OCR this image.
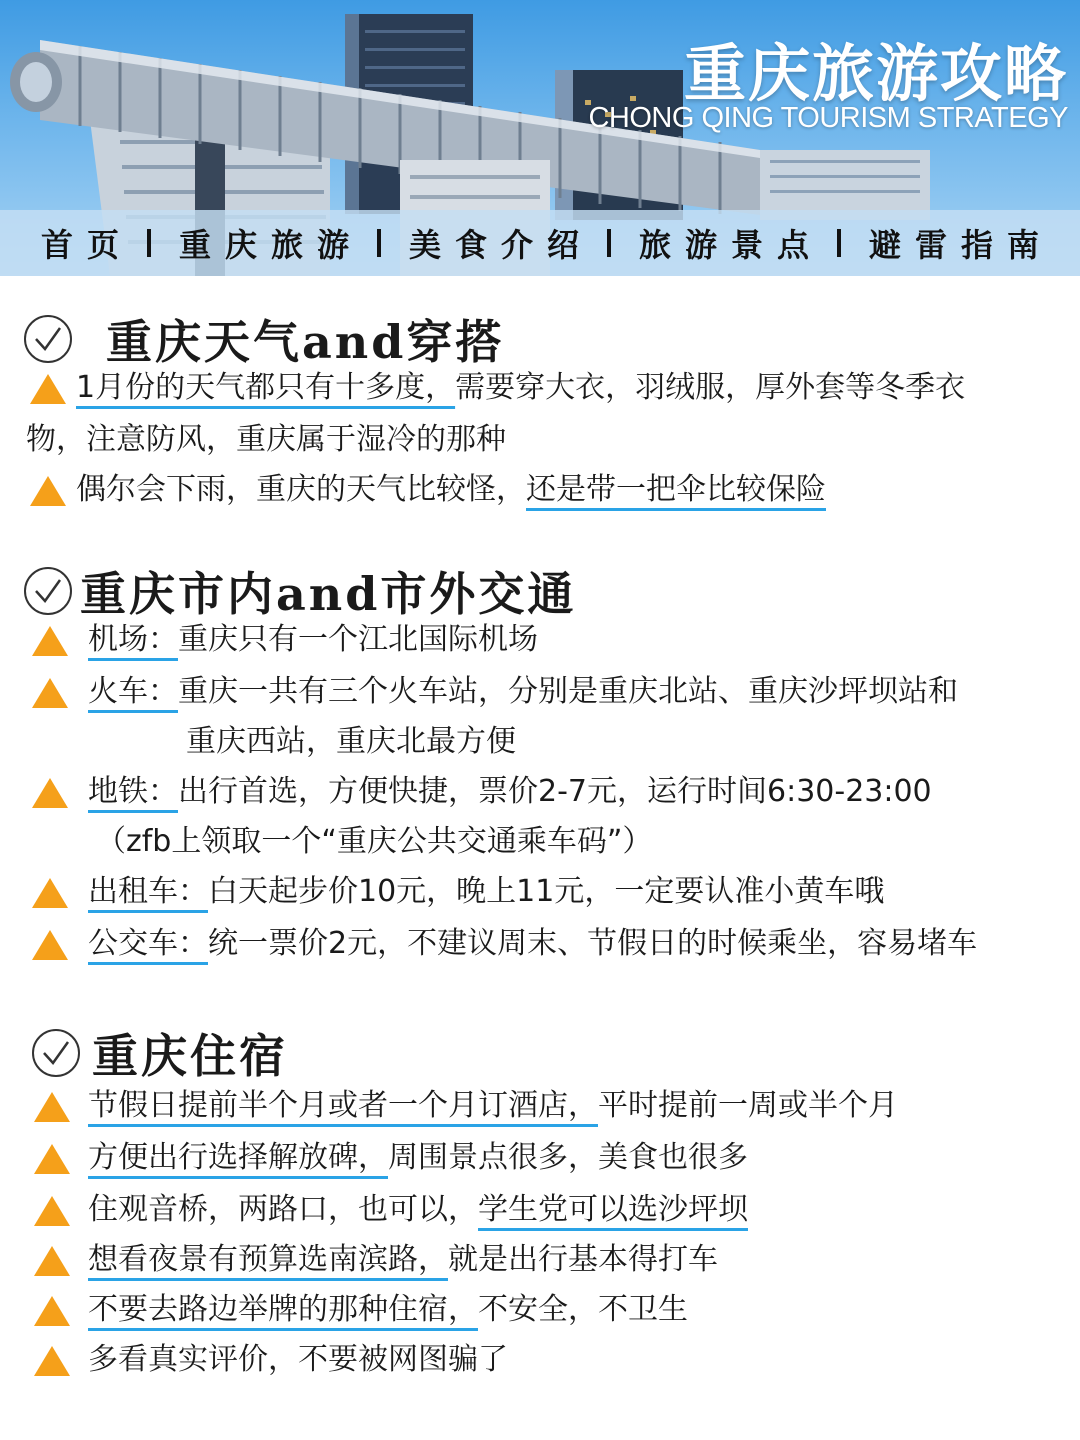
重庆旅游攻略
CHONG QING TOURISM STRATEGY
首页	重庆旅游	美食介绍	旅游景点	避雷指南
重庆天气and穿搭
1月份的天气都只有十多度，需要穿大衣，羽绒服，厚外套等冬季衣
物，注意防风，重庆属于湿冷的那种
偶尔会下雨，重庆的天气比较怪，还是带一把伞比较保险
重庆市内and市外交通
机场：重庆只有一个江北国际机场
火车：重庆一共有三个火车站，分别是重庆北站、重庆沙坪坝站和
重庆西站，重庆北最方便
地铁：出行首选，方便快捷，票价2-7元，运行时间6:30-23:00
（zfb上领取一个“重庆公共交通乘车码”）
出租车：白天起步价10元，晚上11元，一定要认准小黄车哦
公交车：统一票价2元，不建议周末、节假日的时候乘坐，容易堵车
重庆住宿
节假日提前半个月或者一个月订酒店，平时提前一周或半个月
方便出行选择解放碑，周围景点很多，美食也很多
住观音桥，两路口，也可以，学生党可以选沙坪坝
想看夜景有预算选南滨路，就是出行基本得打车
不要去路边举牌的那种住宿，不安全，不卫生
多看真实评价，不要被网图骗了
